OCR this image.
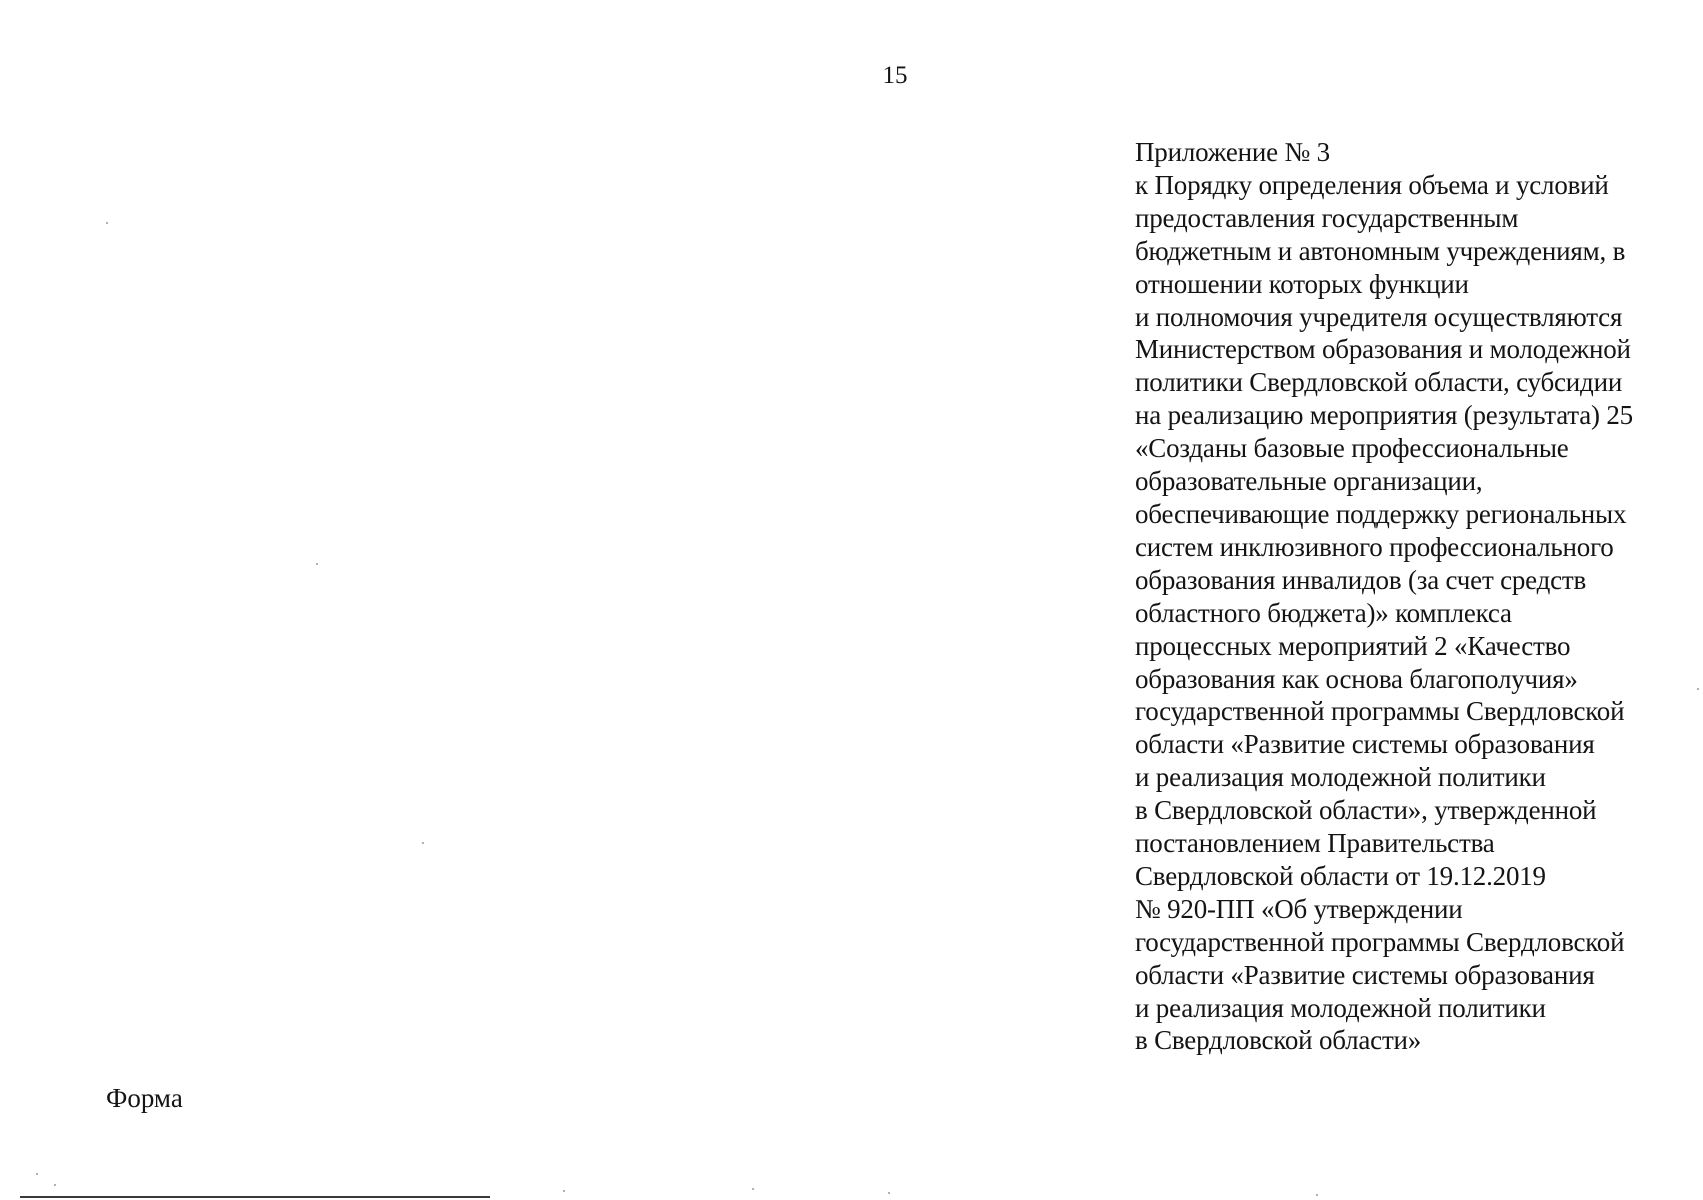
15
Приложение № 3
к Порядку определения объема и условий
предоставления государственным
бюджетным и автономным учреждениям, в
отношении которых функции
и полномочия учредителя осуществляются
Министерством образования и молодежной
политики Свердловской области, субсидии
на реализацию мероприятия (результата) 25
«Созданы базовые профессиональные
образовательные организации,
обеспечивающие поддержку региональных
систем инклюзивного профессионального
образования инвалидов (за счет средств
областного бюджета)» комплекса
процессных мероприятий 2 «Качество
образования как основа благополучия»
государственной программы Свердловской
области «Развитие системы образования
и реализация молодежной политики
в Свердловской области», утвержденной
постановлением Правительства
Свердловской области от 19.12.2019
№ 920-ПП «Об утверждении
государственной программы Свердловской
области «Развитие системы образования
и реализация молодежной политики
в Свердловской области»
Форма
